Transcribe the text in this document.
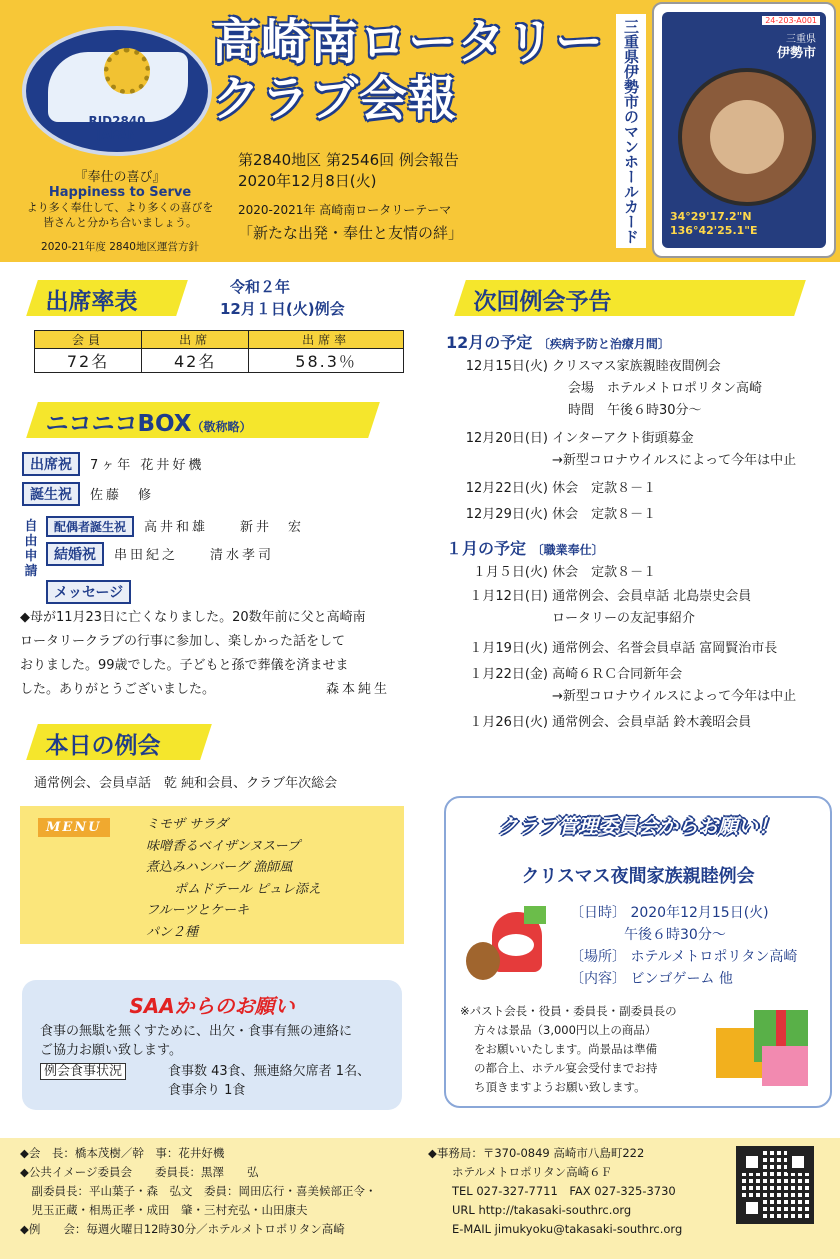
RID2840
JAPAN
『奉仕の喜び』
Happiness to Serve
より多く奉仕して、より多くの喜びを
皆さんと分かち合いましょう。
2020-21年度 2840地区運営方針
高崎南ロータリー
クラブ会報
第2840地区 第2546回 例会報告
2020年12月8日(火)
2020-2021年 高崎南ロータリーテーマ
「新たな出発・奉仕と友情の絆」	三重県伊勢市のマンホールカード	24-203-A001
三重県
伊勢市
34°29'17.2"N
136°42'25.1"E
出席率表
令和２年
12月１日(火)例会
会員	出席	出席率
72名	42名	58.3％
ニコニコBOX（敬称略）
出席祝 7ヶ年 花井好機
誕生祝 佐藤　修
自由申請
配偶者誕生祝 高井和雄　　新井　宏
結婚祝 串田紀之　　清水孝司
メッセージ
◆母が11月23日に亡くなりました。20数年前に父と高崎南
ロータリークラブの行事に参加し、楽しかった話をして
おりました。99歳でした。子どもと孫で葬儀を済ませま
した。ありがとうございました。	森本純生
本日の例会
通常例会、会員卓話　乾 純和会員、クラブ年次総会
MENU	ミモザ サラダ
味噌香るベイザンヌスープ
煮込みハンバーグ 漁師風
ポムドテール ピュレ添え
フルーツとケーキ
パン２種
SAAからのお願い
食事の無駄を無くすために、出欠・食事有無の連絡に
ご協力お願い致します。
例会食事状況	食事数 43食、無連絡欠席者 1名、
食事余り 1食
次回例会予告
12月の予定 〔疾病予防と治療月間〕
12月15日(火) クリスマス家族親睦夜間例会
会場　ホテルメトロポリタン高崎
時間　午後６時30分～
12月20日(日) インターアクト街頭募金
→新型コロナウイルスによって今年は中止
12月22日(火) 休会　定款８－１
12月29日(火) 休会　定款８－１
１月の予定 〔職業奉仕〕
１月５日(火) 休会　定款８－１
１月12日(日) 通常例会、会員卓話 北島崇史会員
ロータリーの友記事紹介
１月19日(火) 通常例会、名誉会員卓話 富岡賢治市長
１月22日(金) 高崎６ＲＣ合同新年会
→新型コロナウイルスによって今年は中止
１月26日(火) 通常例会、会員卓話 鈴木義昭会員
クラブ管理委員会からお願い！
クリスマス夜間家族親睦例会
〔日時〕 2020年12月15日(火)
午後６時30分～
〔場所〕 ホテルメトロポリタン高崎
〔内容〕 ビンゴゲーム 他
※パスト会長・役員・委員長・副委員長の
方々は景品（3,000円以上の商品）
をお願いいたします。尚景品は準備
の都合上、ホテル宴会受付までお持
ち頂きますようお願い致します。
◆会　長：橋本茂樹／幹　事：花井好機
◆公共イメージ委員会　　委員長：黒澤　　弘
　副委員長：平山葉子・森　弘文　委員：岡田広行・喜美候部正令・
　児玉正蔵・相馬正孝・成田　肇・三村充弘・山田康夫
◆例　　会：毎週火曜日12時30分／ホテルメトロポリタン高崎
◆事務局：〒370-0849 高崎市八島町222
ホテルメトロポリタン高崎６Ｆ
TEL 027-327-7711　FAX 027-325-3730
URL http://takasaki-southrc.org
E-MAIL jimukyoku@takasaki-southrc.org
